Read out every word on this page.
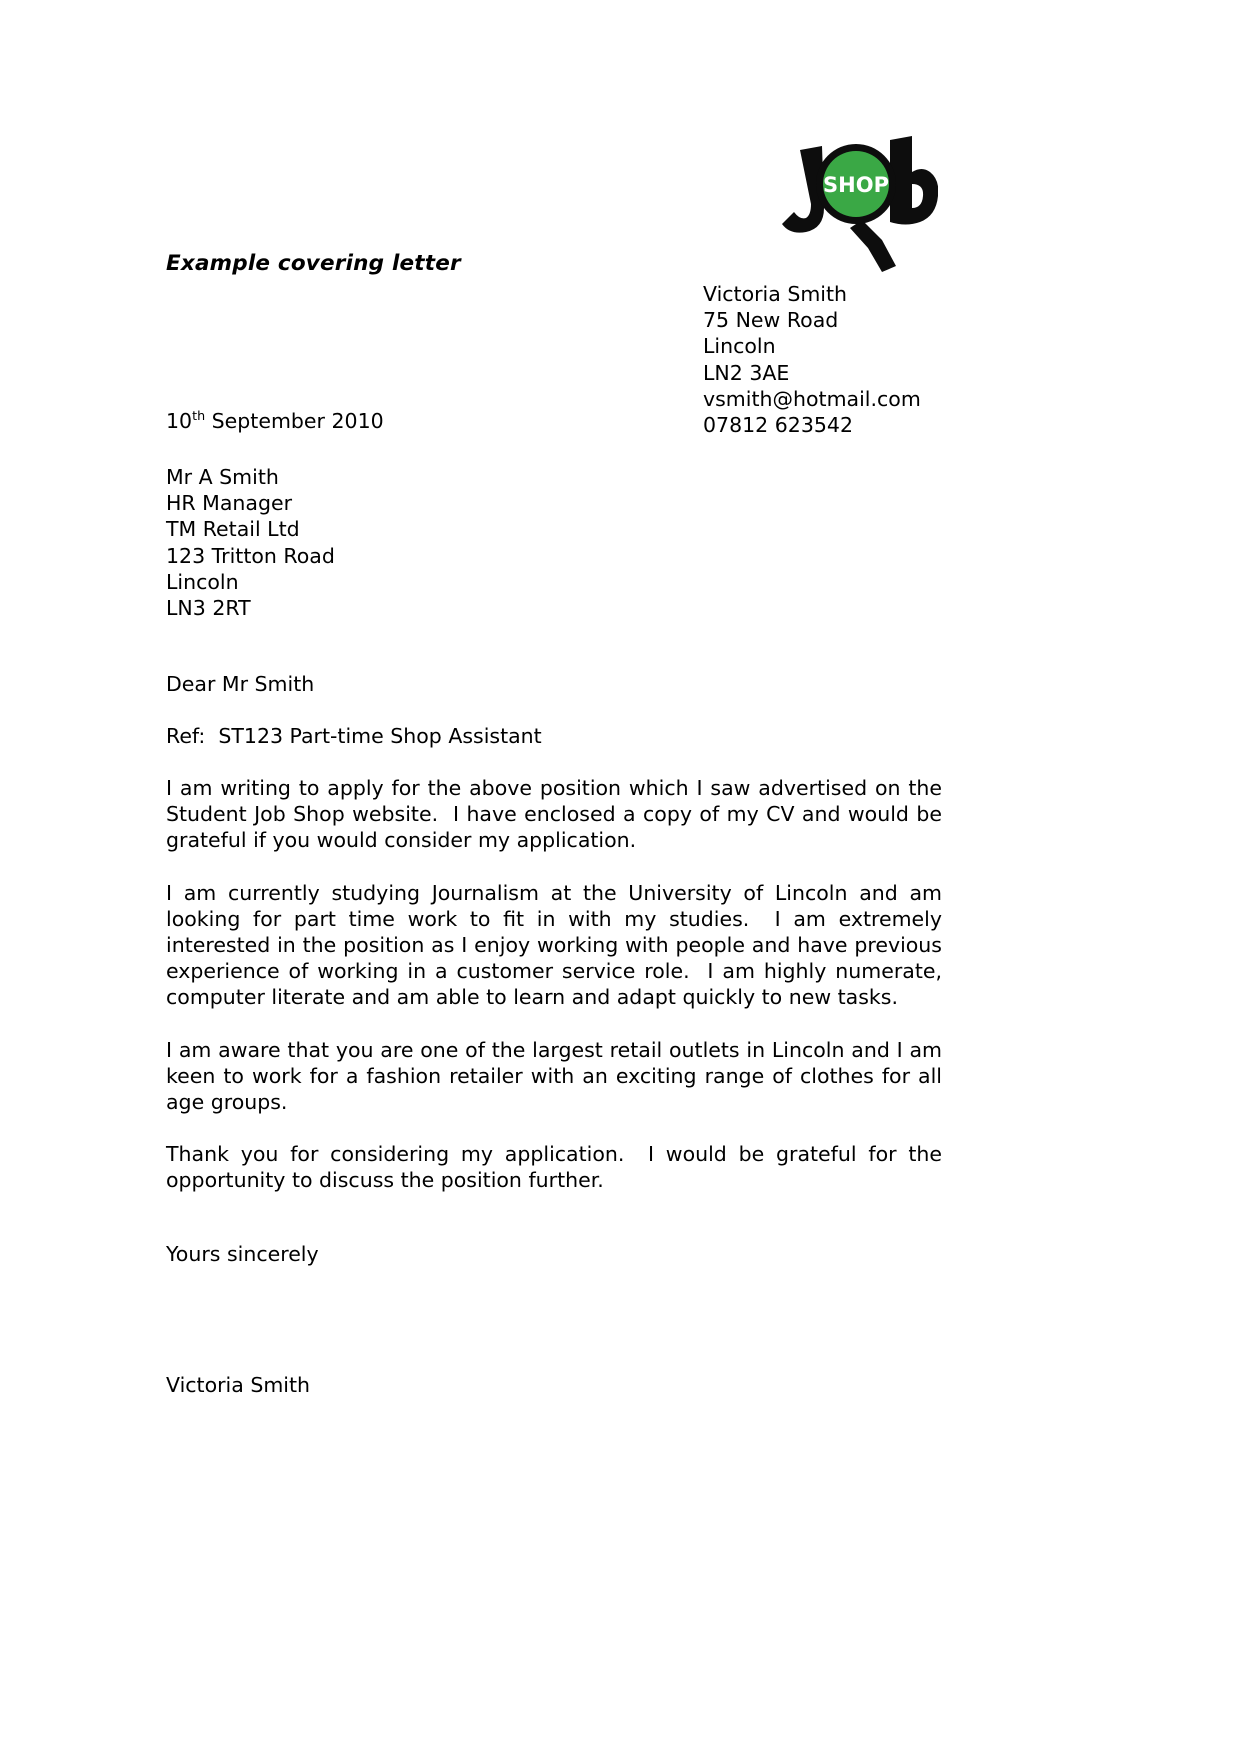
SHOP
Example covering letter
Victoria Smith
75 New Road
Lincoln
LN2 3AE
vsmith@hotmail.com
07812 623542
10th September 2010
Mr A Smith
HR Manager
TM Retail Ltd
123 Tritton Road
Lincoln
LN3 2RT
Dear Mr Smith
Ref:  ST123 Part-time Shop Assistant

I am writing to apply for the above position which I saw advertised on the Student Job Shop website.  I have enclosed a copy of my CV and would be grateful if you would consider my application.

I am currently studying Journalism at the University of Lincoln and am looking for part time work to fit in with my studies.  I am extremely interested in the position as I enjoy working with people and have previous experience of working in a customer service role.  I am highly numerate, computer literate and am able to learn and adapt quickly to new tasks.

I am aware that you are one of the largest retail outlets in Lincoln and I am keen to work for a fashion retailer with an exciting range of clothes for all age groups.

Thank you for considering my application.  I would be grateful for the opportunity to discuss the position further.

Yours sincerely
Victoria Smith
